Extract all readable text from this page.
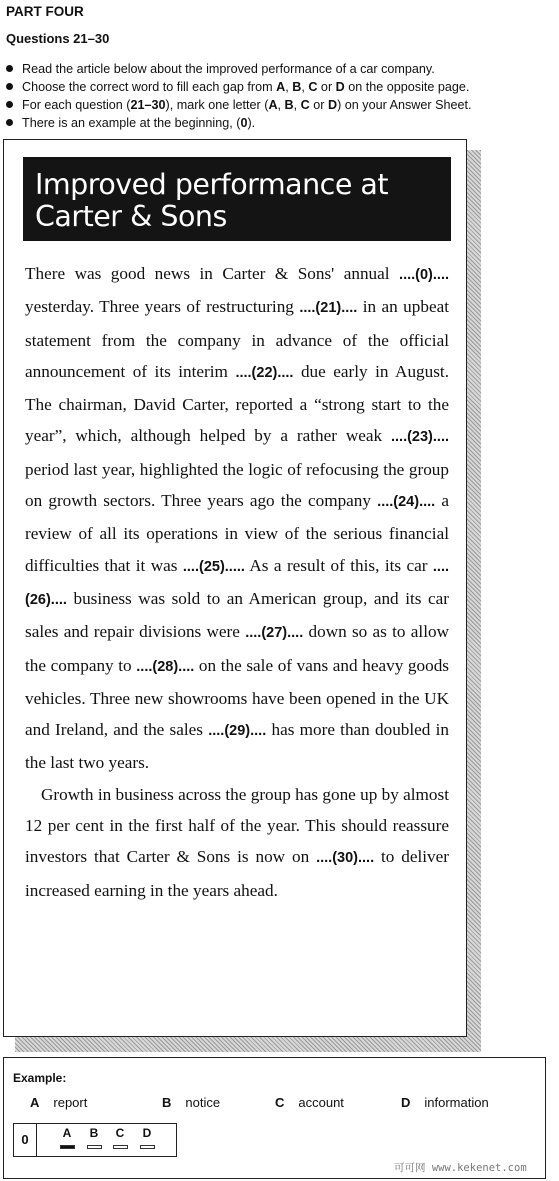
PART FOUR
Questions 21–30
Read the article below about the improved performance of a car company.
Choose the correct word to fill each gap from A, B, C or D on the opposite page.
For each question (21–30), mark one letter (A, B, C or D) on your Answer Sheet.
There is an example at the beginning, (0).
Improved performance at
Carter & Sons

There was good news in Carter & Sons' annual ....(0).... yesterday. Three years of restructuring ....(21).... in an upbeat statement from the company in advance of the official announcement of its interim ....(22).... due early in August. The chairman, David Carter, reported a “strong start to the year”, which, although helped by a rather weak ....(23).... period last year, highlighted the logic of refocusing the group on growth sectors. Three years ago the company ....(24).... a review of all its operations in view of the serious financial difficulties that it was ....(25)..... As a result of this, its car ....(26).... business was sold to an American group, and its car sales and repair divisions were ....(27).... down so as to allow the company to ....(28).... on the sale of vans and heavy goods vehicles. Three new showrooms have been opened in the UK and Ireland, and the sales ....(29).... has more than doubled in the last two years.

Growth in business across the group has gone up by almost 12 per cent in the first half of the year. This should reassure investors that Carter & Sons is now on ....(30).... to deliver increased earning in the years ahead.

Example:
A report	B notice	C account	D information
0	A B C D
可可网 www.kekenet.com
